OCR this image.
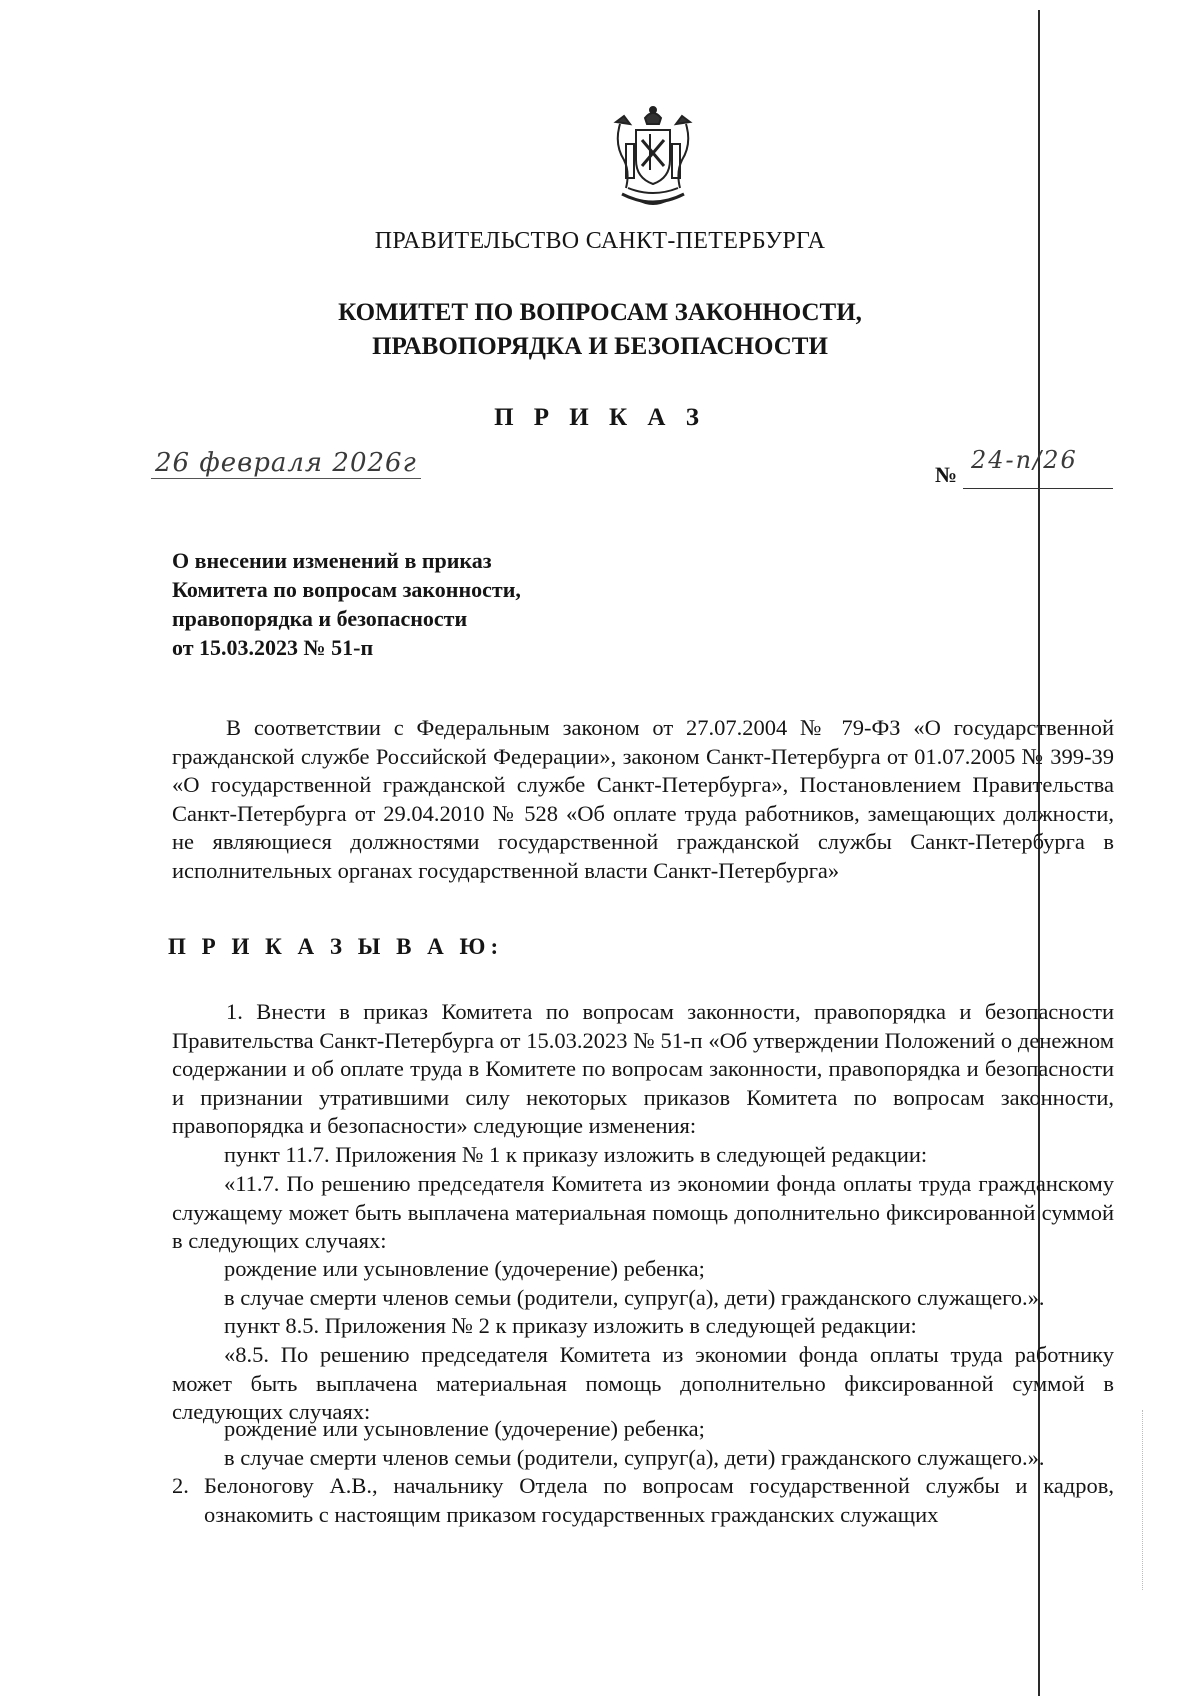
ПРАВИТЕЛЬСТВО САНКТ-ПЕТЕРБУРГА
КОМИТЕТ ПО ВОПРОСАМ ЗАКОННОСТИ,
ПРАВОПОРЯДКА И БЕЗОПАСНОСТИ
П Р И К А З
26 февраля 2026г	№
24-п/26
О внесении изменений в приказ
Комитета по вопросам законности,
правопорядка и безопасности
от 15.03.2023 № 51-п
В соответствии с Федеральным законом от 27.07.2004 № 79-ФЗ «О государственной гражданской службе Российской Федерации», законом Санкт-Петербурга от 01.07.2005 № 399-39 «О государственной гражданской службе Санкт-Петербурга», Постановлением Правительства Санкт-Петербурга от 29.04.2010 № 528 «Об оплате труда работников, замещающих должности, не являющиеся должностями государственной гражданской службы Санкт-Петербурга в исполнительных органах государственной власти Санкт-Петербурга»
П Р И К А З Ы В А Ю:
1. Внести в приказ Комитета по вопросам законности, правопорядка и безопасности Правительства Санкт-Петербурга от 15.03.2023 № 51-п «Об утверждении Положений о денежном содержании и об оплате труда в Комитете по вопросам законности, правопорядка и безопасности и признании утратившими силу некоторых приказов Комитета по вопросам законности, правопорядка и безопасности» следующие изменения:
пункт 11.7. Приложения № 1 к приказу изложить в следующей редакции:
«11.7. По решению председателя Комитета из экономии фонда оплаты труда гражданскому служащему может быть выплачена материальная помощь дополнительно фиксированной суммой в следующих случаях:
рождение или усыновление (удочерение) ребенка;
в случае смерти членов семьи (родители, супруг(а), дети) гражданского служащего.».
пункт 8.5. Приложения № 2 к приказу изложить в следующей редакции:
«8.5. По решению председателя Комитета из экономии фонда оплаты труда работнику может быть выплачена материальная помощь дополнительно фиксированной суммой в следующих случаях:
рождение или усыновление (удочерение) ребенка;
в случае смерти членов семьи (родители, супруг(а), дети) гражданского служащего.».
2. Белоногову А.В., начальнику Отдела по вопросам государственной службы и кадров, ознакомить с настоящим приказом государственных гражданских служащих
